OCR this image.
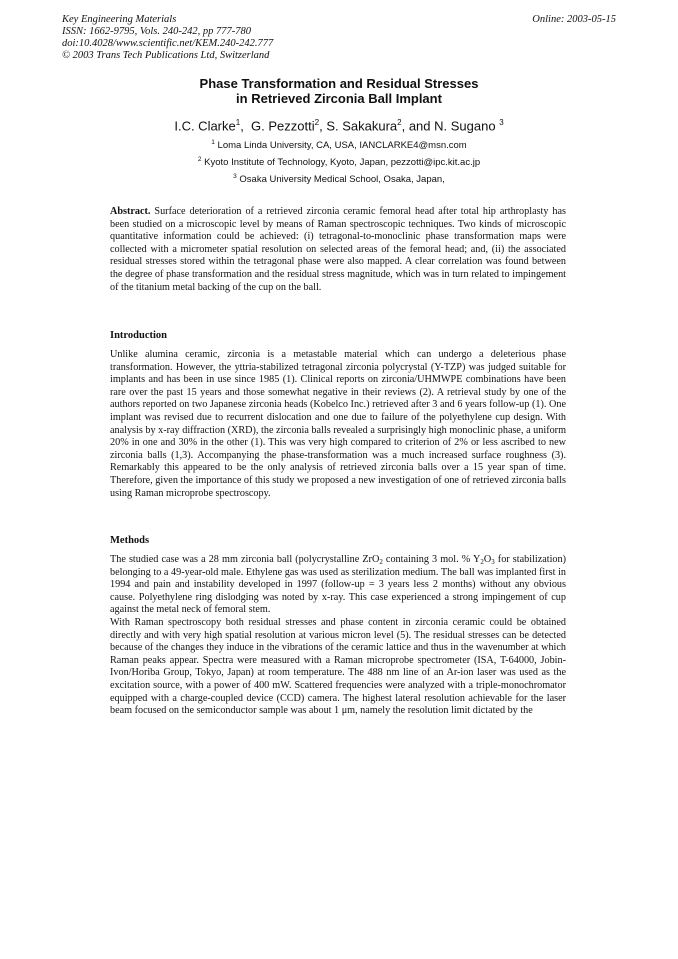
Key Engineering Materials
ISSN: 1662-9795, Vols. 240-242, pp 777-780
doi:10.4028/www.scientific.net/KEM.240-242.777
© 2003 Trans Tech Publications Ltd, Switzerland
Online: 2003-05-15
Phase Transformation and Residual Stresses
in Retrieved Zirconia Ball Implant
I.C. Clarke$^1$,  G. Pezzotti$^2$, S. Sakakura$^2$, and N. Sugano $^3$
$^1$ Loma Linda University, CA, USA, IANCLARKE4@msn.com
$^2$ Kyoto Institute of Technology, Kyoto, Japan, pezzotti@ipc.kit.ac.jp
$^3$ Osaka University Medical School, Osaka, Japan,

Abstract. Surface deterioration of a retrieved zirconia ceramic femoral head after total hip arthroplasty has been studied on a microscopic level by means of Raman spectroscopic techniques. Two kinds of microscopic quantitative information could be achieved: (i) tetragonal-to-monoclinic phase transformation maps were collected with a micrometer spatial resolution on selected areas of the femoral head; and, (ii) the associated residual stresses stored within the tetragonal phase were also mapped. A clear correlation was found between the degree of phase transformation and the residual stress magnitude, which was in turn related to impingement of the titanium metal backing of the cup on the ball.

Introduction

Unlike alumina ceramic, zirconia is a metastable material which can undergo a deleterious phase transformation. However, the yttria-stabilized tetragonal zirconia polycrystal (Y-TZP) was judged suitable for implants and has been in use since 1985 (1). Clinical reports on zirconia/UHMWPE combinations have been rare over the past 15 years and those somewhat negative in their reviews (2). A retrieval study by one of the authors reported on two Japanese zirconia heads (Kobelco Inc.) retrieved after 3 and 6 years follow-up (1). One implant was revised due to recurrent dislocation and one due to failure of the polyethylene cup design. With analysis by x-ray diffraction (XRD), the zirconia balls revealed a surprisingly high monoclinic phase, a uniform 20% in one and 30% in the other (1). This was very high compared to criterion of 2% or less ascribed to new zirconia balls (1,3). Accompanying the phase-transformation was a much increased surface roughness (3). Remarkably this appeared to be the only analysis of retrieved zirconia balls over a 15 year span of time. Therefore, given the importance of this study we proposed a new investigation of one of retrieved zirconia balls using Raman microprobe spectroscopy.

Methods

The studied case was a 28 mm zirconia ball (polycrystalline ZrO$_2$ containing 3 mol. % $Y_2O_3$ for stabilization) belonging to a 49-year-old male. Ethylene gas was used as sterilization medium. The ball was implanted first in 1994 and pain and instability developed in 1997 (follow-up = 3 years less 2 months) without any obvious cause. Polyethylene ring dislodging was noted by x-ray. This case experienced a strong impingement of cup against the metal neck of femoral stem.

With Raman spectroscopy both residual stresses and phase content in zirconia ceramic could be obtained directly and with very high spatial resolution at various micron level (5). The residual stresses can be detected because of the changes they induce in the vibrations of the ceramic lattice and thus in the wavenumber at which Raman peaks appear. Spectra were measured with a Raman microprobe spectrometer (ISA, T-64000, Jobin-Ivon/Horiba Group, Tokyo, Japan) at room temperature. The 488 nm line of an Ar-ion laser was used as the excitation source, with a power of 400 mW. Scattered frequencies were analyzed with a triple-monochromator equipped with a charge-coupled device (CCD) camera. The highest lateral resolution achievable for the laser beam focused on the semiconductor sample was about 1 μm, namely the resolution limit dictated by the
